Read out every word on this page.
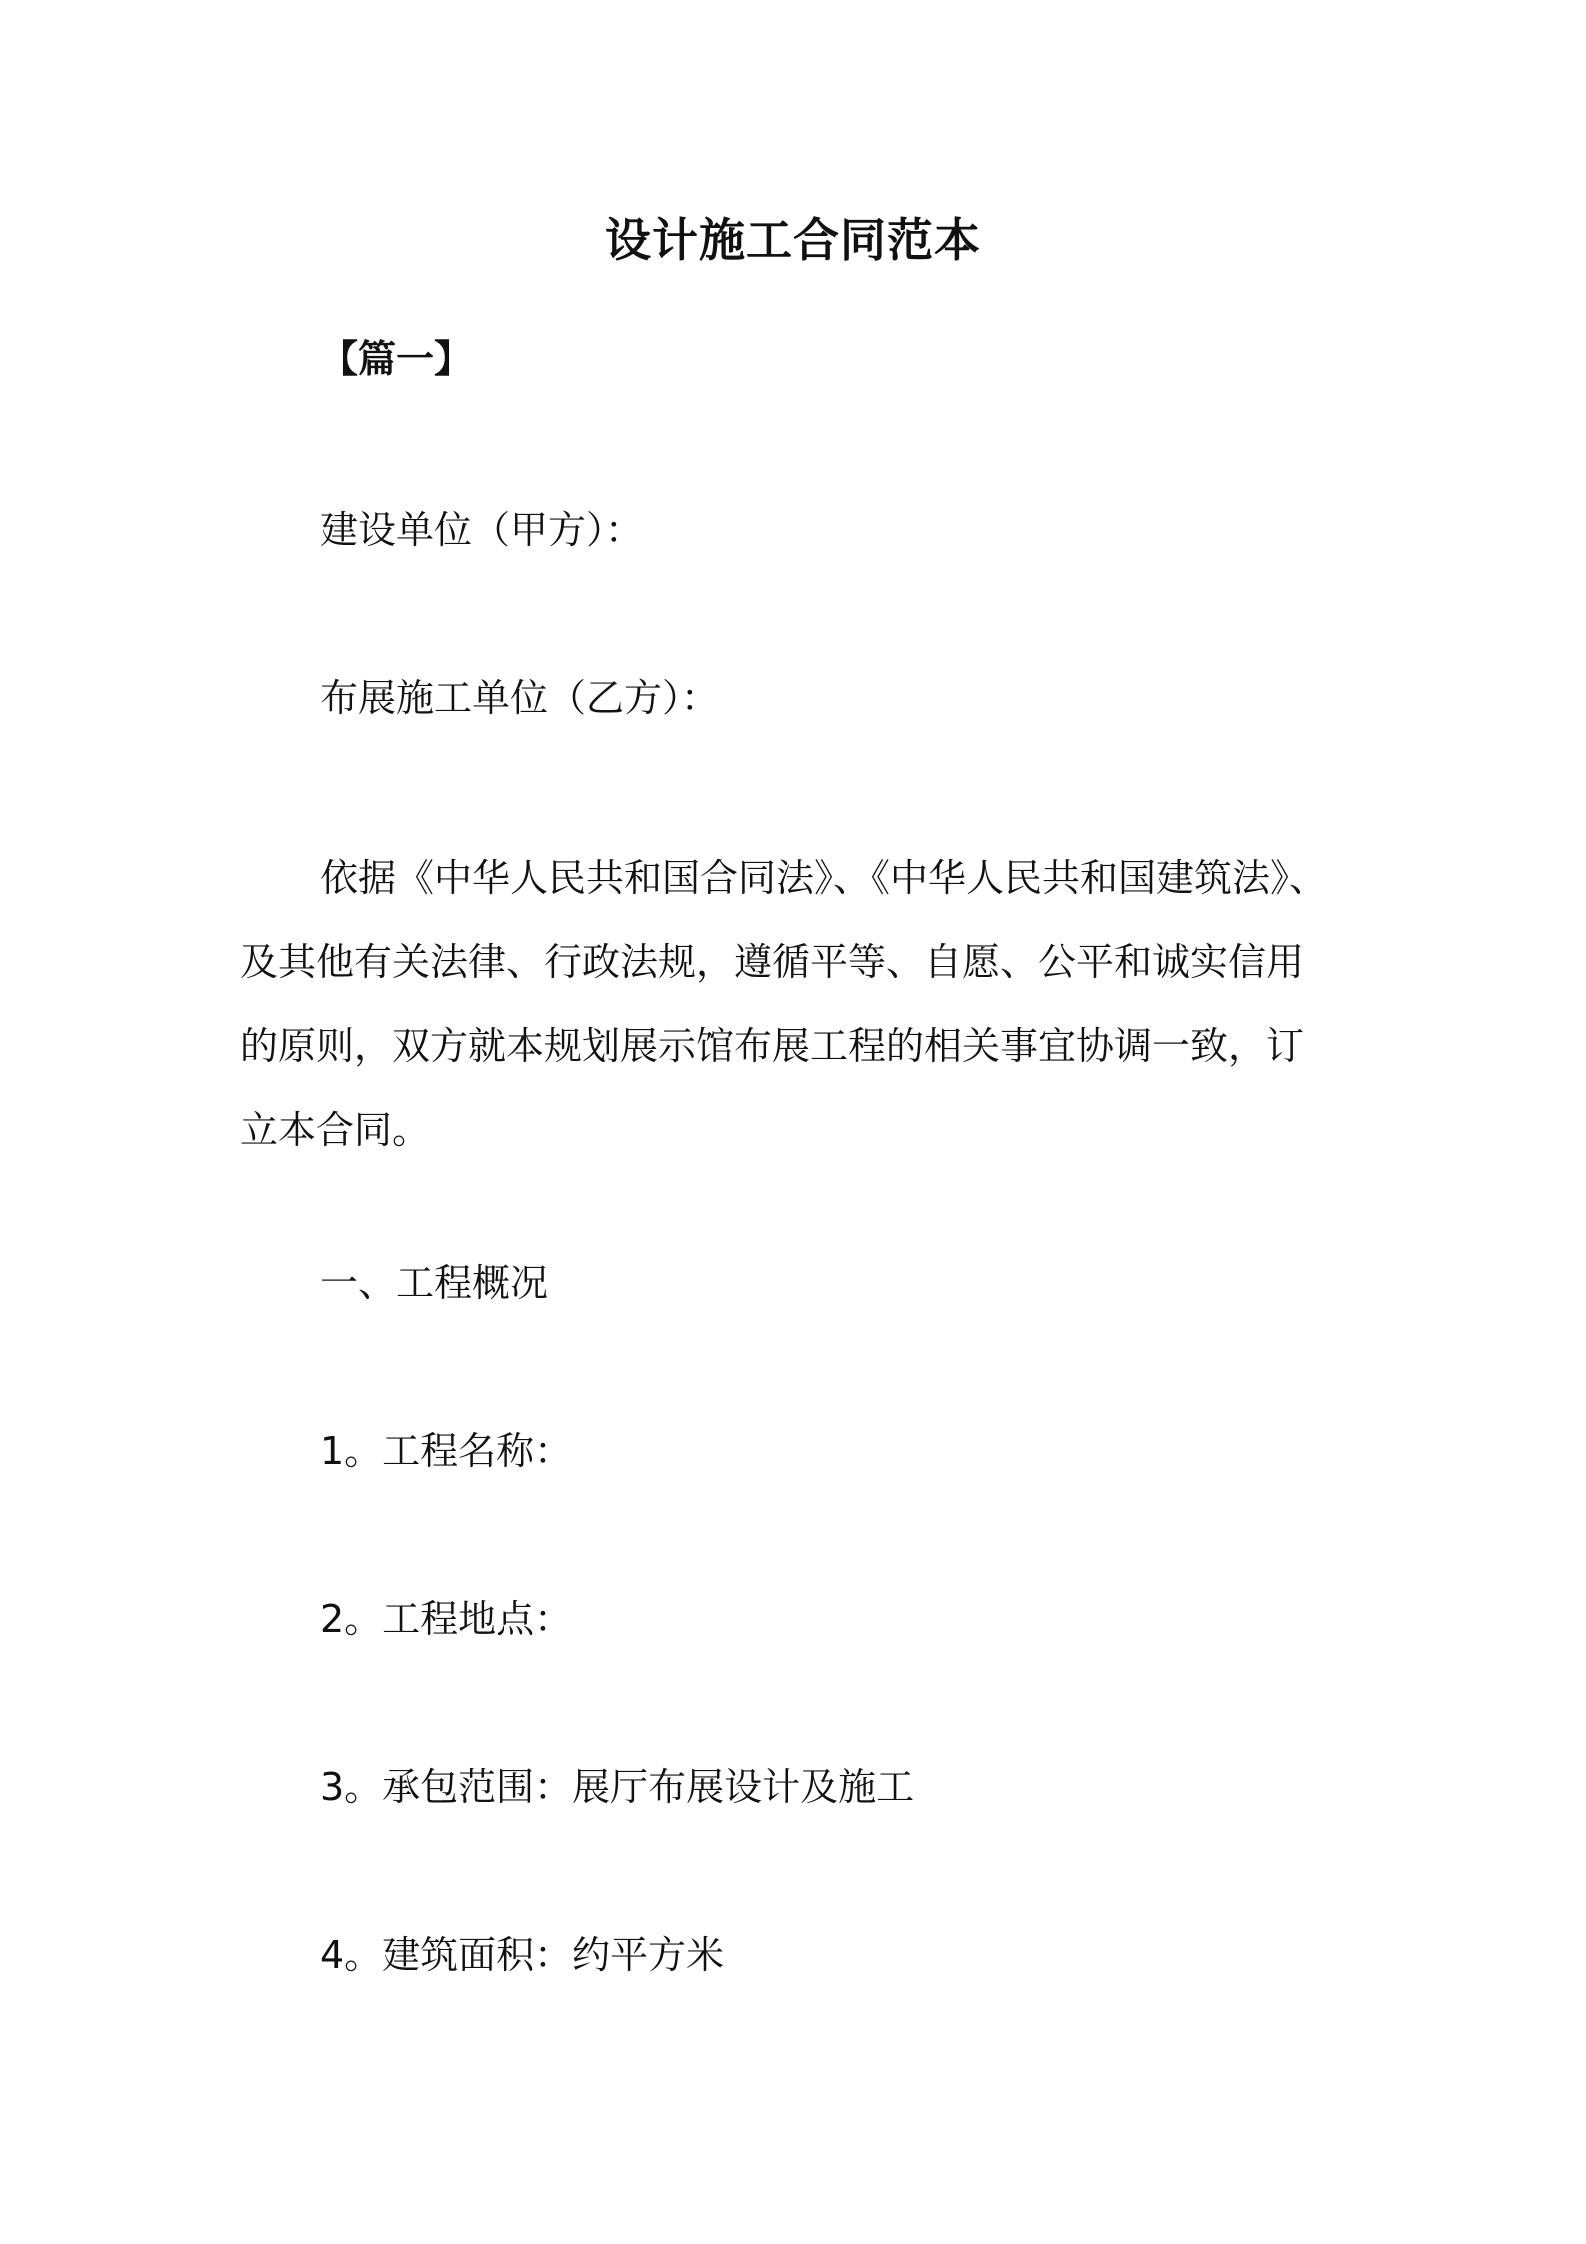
设计施工合同范本
【篇一】
建设单位（甲方）：
布展施工单位（乙方）：
依据《中华人民共和国合同法》、《中华人民共和国建筑法》、
及其他有关法律、行政法规，遵循平等、自愿、公平和诚实信用
的原则，双方就本规划展示馆布展工程的相关事宜协调一致，订
立本合同。
一、工程概况
1。工程名称：
2。工程地点：
3。承包范围：展厅布展设计及施工
4。建筑面积：约平方米
